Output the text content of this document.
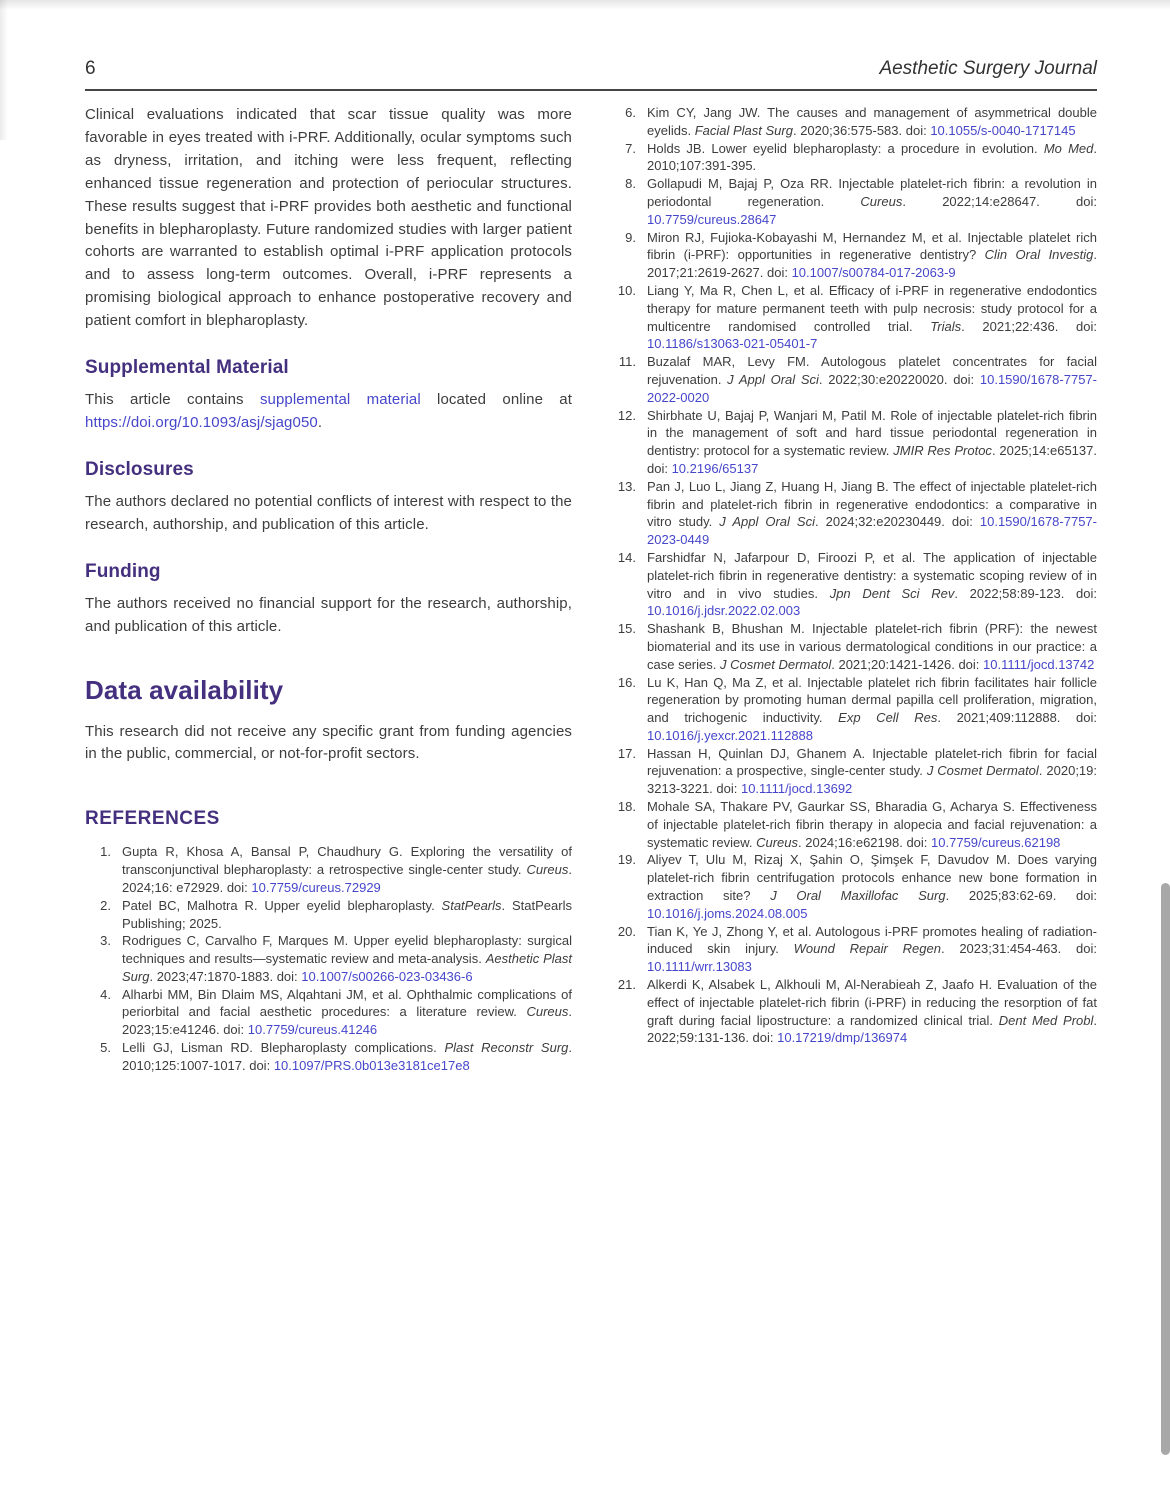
6	Aesthetic Surgery Journal

Clinical evaluations indicated that scar tissue quality was more favorable in eyes treated with i-PRF. Additionally, ocular symptoms such as dryness, irritation, and itching were less frequent, reflecting enhanced tissue regeneration and protection of periocular structures. These results suggest that i-PRF provides both aesthetic and functional benefits in blepharoplasty. Future randomized studies with larger patient cohorts are warranted to establish optimal i-PRF application protocols and to assess long-term outcomes. Overall, i-PRF represents a promising biological approach to enhance postoperative recovery and patient comfort in blepharoplasty.

Supplemental Material

This article contains supplemental material located online at https://doi.org/10.1093/asj/sjag050.

Disclosures

The authors declared no potential conflicts of interest with respect to the research, authorship, and publication of this article.

Funding

The authors received no financial support for the research, authorship, and publication of this article.

Data availability

This research did not receive any specific grant from funding agencies in the public, commercial, or not-for-profit sectors.

REFERENCES
1. Gupta R, Khosa A, Bansal P, Chaudhury G. Exploring the versatility of transconjunctival blepharoplasty: a retrospective single-center study. Cureus. 2024;16: e72929. doi: 10.7759/cureus.72929
2. Patel BC, Malhotra R. Upper eyelid blepharoplasty. StatPearls. StatPearls Publishing; 2025.
3. Rodrigues C, Carvalho F, Marques M. Upper eyelid blepharoplasty: surgical techniques and results—systematic review and meta-analysis. Aesthetic Plast Surg. 2023;47:1870-1883. doi: 10.1007/s00266-023-03436-6
4. Alharbi MM, Bin Dlaim MS, Alqahtani JM, et al. Ophthalmic complications of periorbital and facial aesthetic procedures: a literature review. Cureus. 2023;15:e41246. doi: 10.7759/cureus.41246
5. Lelli GJ, Lisman RD. Blepharoplasty complications. Plast Reconstr Surg. 2010;125:1007-1017. doi: 10.1097/PRS.0b013e3181ce17e8
6. Kim CY, Jang JW. The causes and management of asymmetrical double eyelids. Facial Plast Surg. 2020;36:575-583. doi: 10.1055/s-0040-1717145
7. Holds JB. Lower eyelid blepharoplasty: a procedure in evolution. Mo Med. 2010;107:391-395.
8. Gollapudi M, Bajaj P, Oza RR. Injectable platelet-rich fibrin: a revolution in periodontal regeneration. Cureus. 2022;14:e28647. doi: 10.7759/cureus.28647
9. Miron RJ, Fujioka-Kobayashi M, Hernandez M, et al. Injectable platelet rich fibrin (i-PRF): opportunities in regenerative dentistry? Clin Oral Investig. 2017;21:2619-2627. doi: 10.1007/s00784-017-2063-9
10. Liang Y, Ma R, Chen L, et al. Efficacy of i-PRF in regenerative endodontics therapy for mature permanent teeth with pulp necrosis: study protocol for a multicentre randomised controlled trial. Trials. 2021;22:436. doi: 10.1186/s13063-021-05401-7
11. Buzalaf MAR, Levy FM. Autologous platelet concentrates for facial rejuvenation. J Appl Oral Sci. 2022;30:e20220020. doi: 10.1590/1678-7757-2022-0020
12. Shirbhate U, Bajaj P, Wanjari M, Patil M. Role of injectable platelet-rich fibrin in the management of soft and hard tissue periodontal regeneration in dentistry: protocol for a systematic review. JMIR Res Protoc. 2025;14:e65137. doi: 10.2196/65137
13. Pan J, Luo L, Jiang Z, Huang H, Jiang B. The effect of injectable platelet-rich fibrin and platelet-rich fibrin in regenerative endodontics: a comparative in vitro study. J Appl Oral Sci. 2024;32:e20230449. doi: 10.1590/1678-7757-2023-0449
14. Farshidfar N, Jafarpour D, Firoozi P, et al. The application of injectable platelet-rich fibrin in regenerative dentistry: a systematic scoping review of in vitro and in vivo studies. Jpn Dent Sci Rev. 2022;58:89-123. doi: 10.1016/j.jdsr.2022.02.003
15. Shashank B, Bhushan M. Injectable platelet-rich fibrin (PRF): the newest biomaterial and its use in various dermatological conditions in our practice: a case series. J Cosmet Dermatol. 2021;20:1421-1426. doi: 10.1111/jocd.13742
16. Lu K, Han Q, Ma Z, et al. Injectable platelet rich fibrin facilitates hair follicle regeneration by promoting human dermal papilla cell proliferation, migration, and trichogenic inductivity. Exp Cell Res. 2021;409:112888. doi: 10.1016/j.yexcr.2021.112888
17. Hassan H, Quinlan DJ, Ghanem A. Injectable platelet-rich fibrin for facial rejuvenation: a prospective, single-center study. J Cosmet Dermatol. 2020;19: 3213-3221. doi: 10.1111/jocd.13692
18. Mohale SA, Thakare PV, Gaurkar SS, Bharadia G, Acharya S. Effectiveness of injectable platelet-rich fibrin therapy in alopecia and facial rejuvenation: a systematic review. Cureus. 2024;16:e62198. doi: 10.7759/cureus.62198
19. Aliyev T, Ulu M, Rizaj X, Şahin O, Şimşek F, Davudov M. Does varying platelet-rich fibrin centrifugation protocols enhance new bone formation in extraction site? J Oral Maxillofac Surg. 2025;83:62-69. doi: 10.1016/j.joms.2024.08.005
20. Tian K, Ye J, Zhong Y, et al. Autologous i-PRF promotes healing of radiation-induced skin injury. Wound Repair Regen. 2023;31:454-463. doi: 10.1111/wrr.13083
21. Alkerdi K, Alsabek L, Alkhouli M, Al-Nerabieah Z, Jaafo H. Evaluation of the effect of injectable platelet-rich fibrin (i-PRF) in reducing the resorption of fat graft during facial lipostructure: a randomized clinical trial. Dent Med Probl. 2022;59:131-136. doi: 10.17219/dmp/136974
